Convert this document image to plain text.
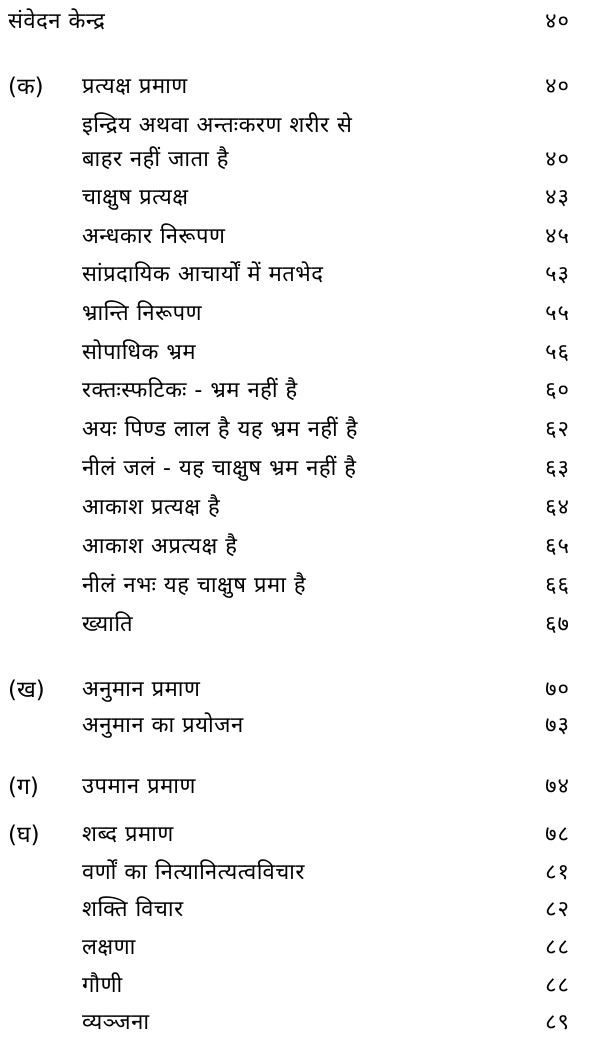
संवेदन केन्द्र	४०
(क)	प्रत्यक्ष प्रमाण	४०
इन्द्रिय अथवा अन्तःकरण शरीर से
बाहर नहीं जाता है	४०
चाक्षुष प्रत्यक्ष	४३
अन्धकार निरूपण	४५
सांप्रदायिक आचार्यों में मतभेद	५३
भ्रान्ति निरूपण	५५
सोपाधिक भ्रम	५६
रक्तःस्फटिकः - भ्रम नहीं है	६०
अयः पिण्ड लाल है यह भ्रम नहीं है	६२
नीलं जलं - यह चाक्षुष भ्रम नहीं है	६३
आकाश प्रत्यक्ष है	६४
आकाश अप्रत्यक्ष है	६५
नीलं नभः यह चाक्षुष प्रमा है	६६
ख्याति	६७
(ख)	अनुमान प्रमाण	७०
अनुमान का प्रयोजन	७३
(ग)	उपमान प्रमाण	७४
(घ)	शब्द प्रमाण	७८
वर्णों का नित्यानित्यत्वविचार	८१
शक्ति विचार	८२
लक्षणा	८८
गौणी	८८
व्यञ्जना	८९
